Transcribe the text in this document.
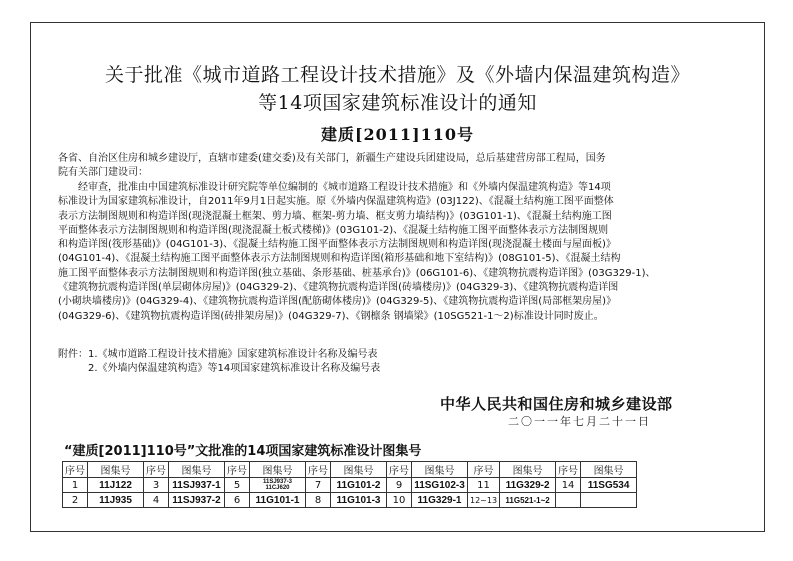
关于批准《城市道路工程设计技术措施》及《外墙内保温建筑构造》
等14项国家建筑标准设计的通知
建质[2011]110号
各省、自治区住房和城乡建设厅，直辖市建委(建交委)及有关部门，新疆生产建设兵团建设局，总后基建营房部工程局，国务
院有关部门建设司：
　　经审查，批准由中国建筑标准设计研究院等单位编制的《城市道路工程设计技术措施》和《外墙内保温建筑构造》等14项
标准设计为国家建筑标准设计，自2011年9月1日起实施。原《外墙内保温建筑构造》(03J122)、《混凝土结构施工图平面整体
表示方法制图规则和构造详图(现浇混凝土框架、剪力墙、框架-剪力墙、框支剪力墙结构)》(03G101-1)、《混凝土结构施工图
平面整体表示方法制图规则和构造详图(现浇混凝土板式楼梯)》(03G101-2)、《混凝土结构施工图平面整体表示方法制图规则
和构造详图(筏形基础)》(04G101-3)、《混凝土结构施工图平面整体表示方法制图规则和构造详图(现浇混凝土楼面与屋面板)》
(04G101-4)、《混凝土结构施工图平面整体表示方法制图规则和构造详图(箱形基础和地下室结构)》(08G101-5)、《混凝土结构
施工图平面整体表示方法制图规则和构造详图(独立基础、条形基础、桩基承台)》(06G101-6)、《建筑物抗震构造详图》(03G329-1)、
《建筑物抗震构造详图(单层砌体房屋)》(04G329-2)、《建筑物抗震构造详图(砖墙楼房)》(04G329-3)、《建筑物抗震构造详图
(小砌块墙楼房)》(04G329-4)、《建筑物抗震构造详图(配筋砌体楼房)》(04G329-5)、《建筑物抗震构造详图(局部框架房屋)》
(04G329-6)、《建筑物抗震构造详图(砖排架房屋)》(04G329-7)、《钢檩条 钢墙梁》(10SG521-1～2)标准设计同时废止。
附件：1.《城市道路工程设计技术措施》国家建筑标准设计名称及编号表
　　　2.《外墙内保温建筑构造》等14项国家建筑标准设计名称及编号表
中华人民共和国住房和城乡建设部
二〇一一年七月二十一日
“建质[2011]110号”文批准的14项国家建筑标准设计图集号
序号	图集号	序号	图集号	序号	图集号	序号	图集号	序号	图集号	序号	图集号	序号	图集号
1	11J122	3	11SJ937-1	5	11SJ937-3 11CJ620	7	11G101-2	9	11SG102-3	11	11G329-2	14	11SG534
2	11J935	4	11SJ937-2	6	11G101-1	8	11G101-3	10	11G329-1	12~13	11G521-1~2		
